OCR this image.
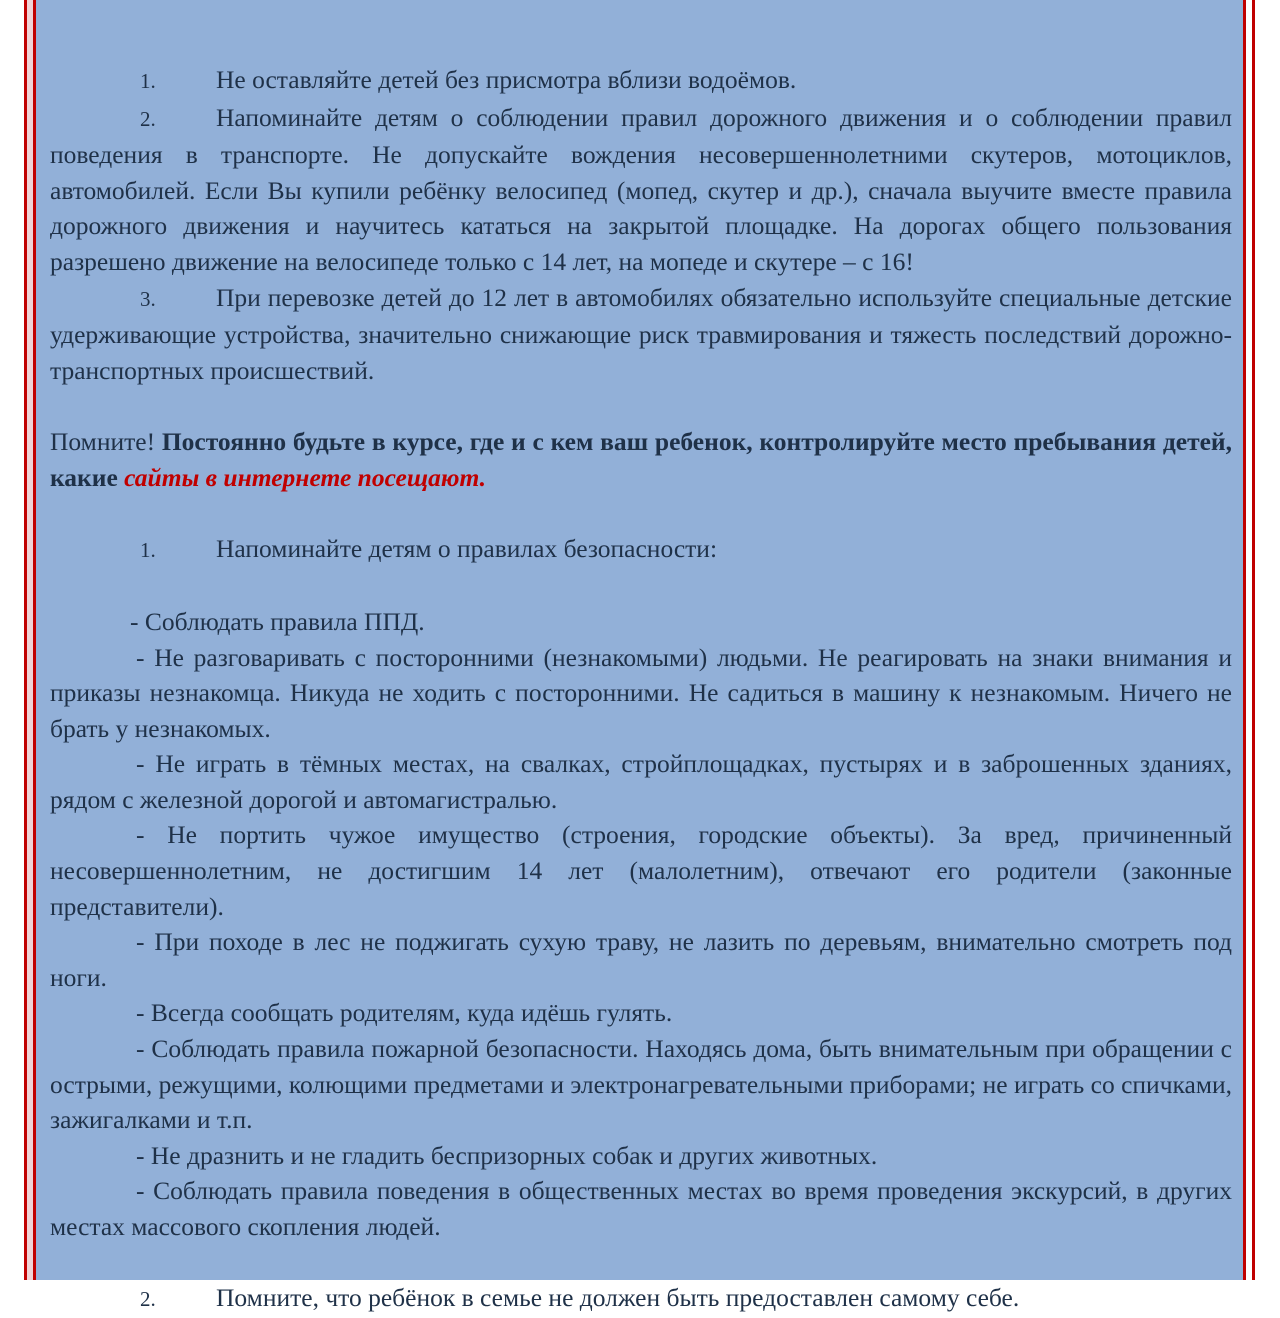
1. Не оставляйте детей без присмотра вблизи водоёмов.

2. Напоминайте детям о соблюдении правил дорожного движения и о соблюдении правил поведения в транспорте. Не допускайте вождения несовершеннолетними скутеров, мотоциклов, автомобилей. Если Вы купили ребёнку велосипед (мопед, скутер и др.), сначала выучите вместе правила дорожного движения и научитесь кататься на закрытой площадке. На дорогах общего пользования разрешено движение на велосипеде только с 14 лет, на мопеде и скутере – с 16!

3. При перевозке детей до 12 лет в автомобилях обязательно используйте специальные детские удерживающие устройства, значительно снижающие риск травмирования и тяжесть последствий дорожно-транспортных происшествий.

Помните! Постоянно будьте в курсе, где и с кем ваш ребенок, контролируйте место пребывания детей, какие сайты в интернете посещают.

1. Напоминайте детям о правилах безопасности:

- Соблюдать правила ППД.

- Не разговаривать с посторонними (незнакомыми) людьми. Не реагировать на знаки внимания и приказы незнакомца. Никуда не ходить с посторонними. Не садиться в машину к незнакомым. Ничего не брать у незнакомых.

- Не играть в тёмных местах, на свалках, стройплощадках, пустырях и в заброшенных зданиях, рядом с железной дорогой и автомагистралью.

- Не портить чужое имущество (строения, городские объекты). За вред, причиненный несовершеннолетним, не достигшим 14 лет (малолетним), отвечают его родители (законные представители).

- При походе в лес не поджигать сухую траву, не лазить по деревьям, внимательно смотреть под ноги.

- Всегда сообщать родителям, куда идёшь гулять.

- Соблюдать правила пожарной безопасности. Находясь дома, быть внимательным при обращении с острыми, режущими, колющими предметами и электронагревательными приборами; не играть со спичками, зажигалками и т.п.

- Не дразнить и не гладить беспризорных собак и других животных.

- Соблюдать правила поведения в общественных местах во время проведения экскурсий, в других местах массового скопления людей.

2. Помните, что ребёнок в семье не должен быть предоставлен самому себе.
